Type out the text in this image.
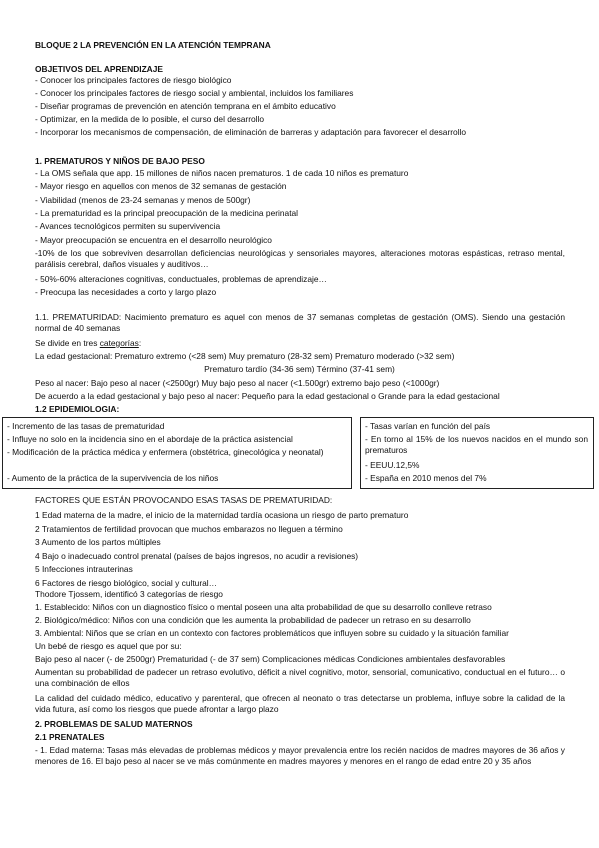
BLOQUE 2 LA PREVENCIÓN EN LA ATENCIÓN TEMPRANA
OBJETIVOS DEL APRENDIZAJE
- Conocer los principales factores de riesgo biológico
- Conocer los principales factores de riesgo social y ambiental, incluidos los familiares
- Diseñar programas de prevención en atención temprana en el ámbito educativo
- Optimizar, en la medida de lo posible, el curso del desarrollo
- Incorporar los mecanismos de compensación, de eliminación de barreras y adaptación para favorecer el desarrollo
1. PREMATUROS Y NIÑOS DE BAJO PESO
- La OMS señala que app. 15 millones de niños nacen prematuros. 1 de cada 10 niños es prematuro
- Mayor riesgo en aquellos con menos de 32 semanas de gestación
- Viabilidad (menos de 23-24 semanas y menos de 500gr)
- La prematuridad es la principal preocupación de la medicina perinatal
- Avances tecnológicos permiten su supervivencia
- Mayor preocupación se encuentra en el desarrollo neurológico
-10% de los que sobreviven desarrollan deficiencias neurológicas y sensoriales mayores, alteraciones motoras espásticas, retraso mental, parálisis cerebral, daños visuales y auditivos…
- 50%-60% alteraciones cognitivas, conductuales, problemas de aprendizaje…
- Preocupa las necesidades a corto y largo plazo
1.1. PREMATURIDAD: Nacimiento prematuro es aquel con menos de 37 semanas completas de gestación (OMS). Siendo una gestación normal de 40 semanas
Se divide en tres categorías:
La edad gestacional: Prematuro extremo (<28 sem) Muy prematuro (28-32 sem) Prematuro moderado (>32 sem)
Prematuro tardío (34-36 sem) Término (37-41 sem)
Peso al nacer: Bajo peso al nacer (<2500gr) Muy bajo peso al nacer (<1.500gr) extremo bajo peso (<1000gr)
De acuerdo a la edad gestacional y bajo peso al nacer: Pequeño para la edad gestacional o Grande para la edad gestacional
1.2 EPIDEMIOLOGIA:
- Incremento de las tasas de prematuridad
- Influye no solo en la incidencia sino en el abordaje de la práctica asistencial
- Modificación de la práctica médica y enfermera (obstétrica, ginecológica y neonatal)
- Aumento de la práctica de la supervivencia de los niños
- Tasas varían en función del país
- En torno al 15% de los nuevos nacidos en el mundo son prematuros
- EEUU.12,5%
- España en 2010 menos del 7%
FACTORES QUE ESTÁN PROVOCANDO ESAS TASAS DE PREMATURIDAD:
1 Edad materna de la madre, el inicio de la maternidad tardía ocasiona un riesgo de parto prematuro
2 Tratamientos de fertilidad provocan que muchos embarazos no lleguen a término
3 Aumento de los partos múltiples
4 Bajo o inadecuado control prenatal (países de bajos ingresos, no acudir a revisiones)
5 Infecciones intrauterinas
6 Factores de riesgo biológico, social y cultural…
Thodore Tjossem, identificó 3 categorías de riesgo
1. Establecido: Niños con un diagnostico físico o mental poseen una alta probabilidad de que su desarrollo conlleve retraso
2. Biológico/médico: Niños con una condición que les aumenta la probabilidad de padecer un retraso en su desarrollo
3. Ambiental: Niños que se crían en un contexto con factores problemáticos que influyen sobre su cuidado y la situación familiar
Un bebé de riesgo es aquel que por su:
Bajo peso al nacer (- de 2500gr) Prematuridad (- de 37 sem) Complicaciones médicas Condiciones ambientales desfavorables
Aumentan su probabilidad de padecer un retraso evolutivo, déficit a nivel cognitivo, motor, sensorial, comunicativo, conductual en el futuro… o una combinación de ellos
La calidad del cuidado médico, educativo y parenteral, que ofrecen al neonato o tras detectarse un problema, influye sobre la calidad de la vida futura, así como los riesgos que puede afrontar a largo plazo
2. PROBLEMAS DE SALUD MATERNOS
2.1 PRENATALES
- 1. Edad materna: Tasas más elevadas de problemas médicos y mayor prevalencia entre los recién nacidos de madres mayores de 36 años y menores de 16. El bajo peso al nacer se ve más comúnmente en madres mayores y menores en el rango de edad entre 20 y 35 años
